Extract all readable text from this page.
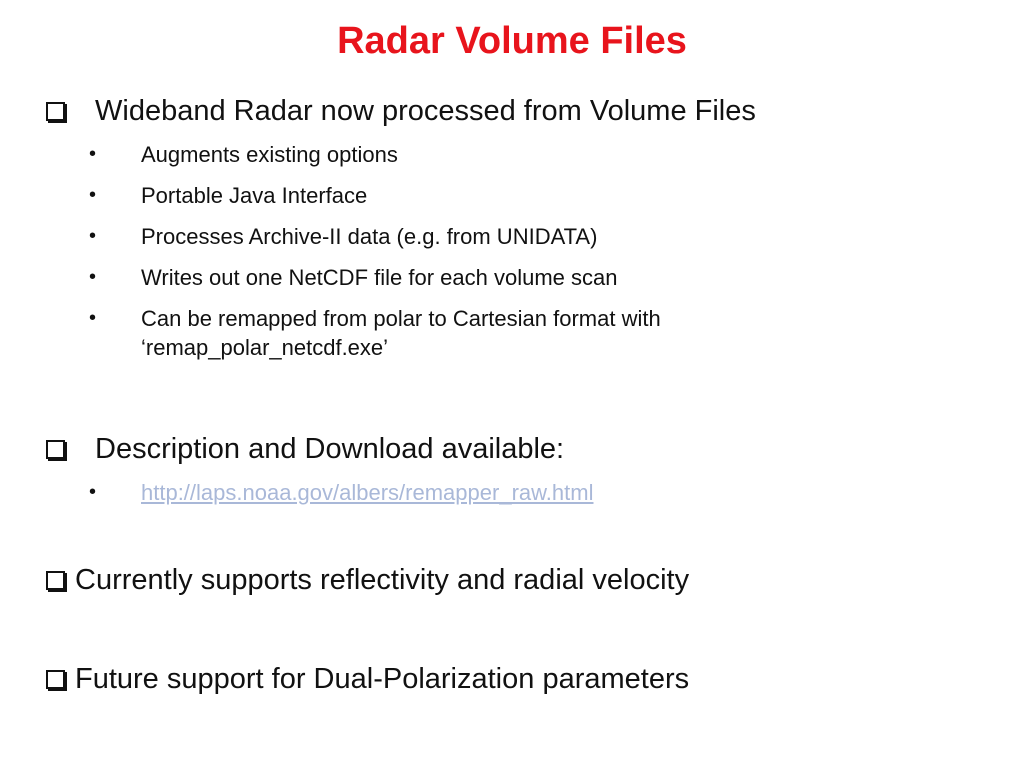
Radar Volume Files
Wideband Radar now processed from Volume Files
• Augments existing options
• Portable Java Interface
• Processes Archive-II data (e.g. from UNIDATA)
• Writes out one NetCDF file for each volume scan
• Can be remapped from polar to Cartesian format with
‘remap_polar_netcdf.exe’
Description and Download available:
• http://laps.noaa.gov/albers/remapper_raw.html
Currently supports reflectivity and radial velocity
Future support for Dual-Polarization parameters
